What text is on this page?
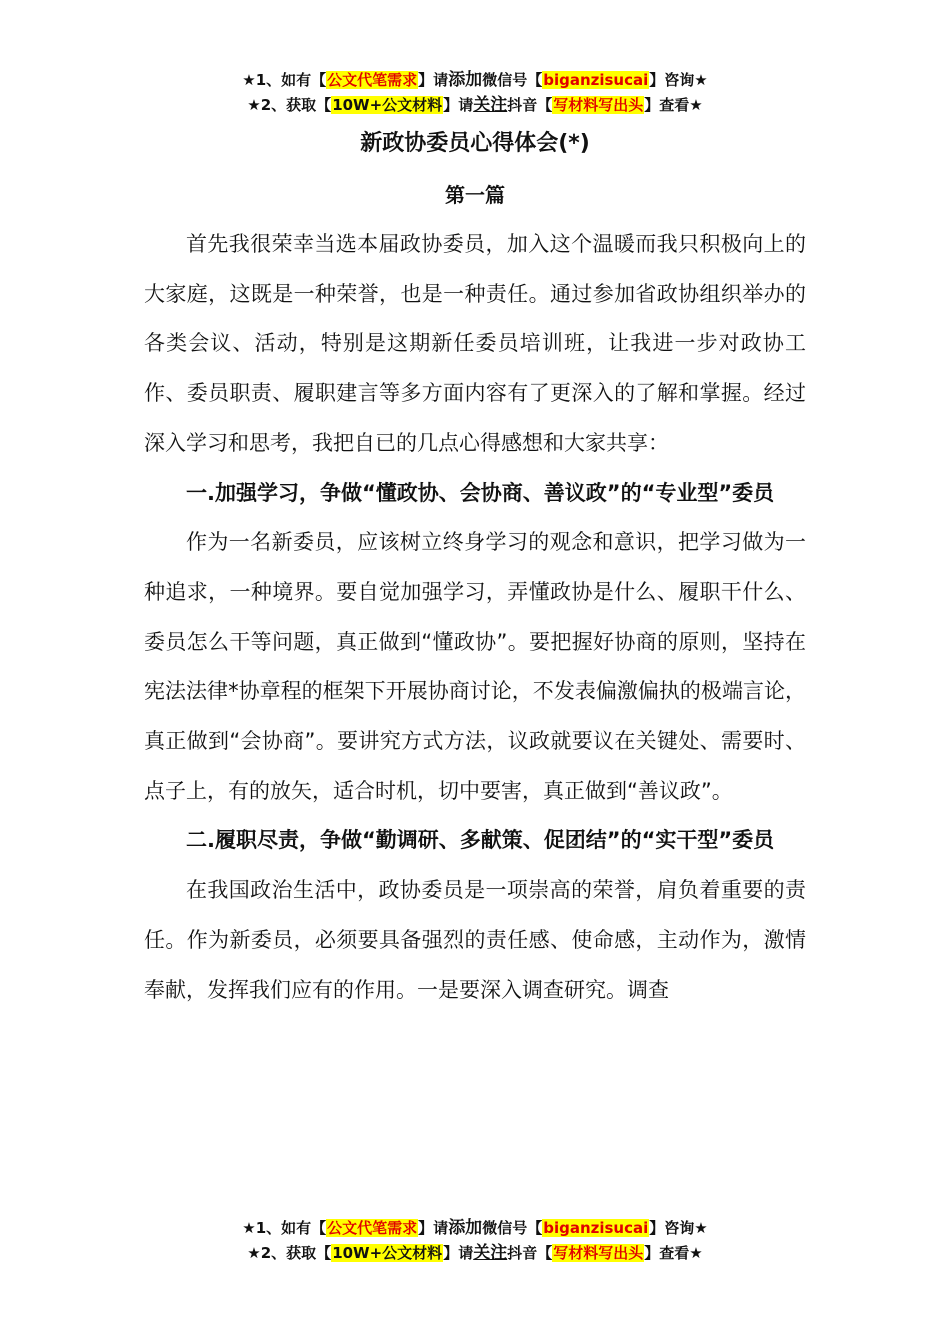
★1、如有【公文代笔需求】请添加微信号【biganzisucai】咨询★
★2、获取【10W+公文材料】请关注抖音【写材料写出头】查看★
新政协委员心得体会(*)
第一篇

首先我很荣幸当选本届政协委员，加入这个温暖而我只积极向上的大家庭，这既是一种荣誉，也是一种责任。通过参加省政协组织举办的各类会议、活动，特别是这期新任委员培训班，让我进一步对政协工作、委员职责、履职建言等多方面内容有了更深入的了解和掌握。经过深入学习和思考，我把自已的几点心得感想和大家共享：

一.加强学习，争做“懂政协、会协商、善议政”的“专业型”委员

作为一名新委员，应该树立终身学习的观念和意识，把学习做为一种追求，一种境界。要自觉加强学习，弄懂政协是什么、履职干什么、委员怎么干等问题，真正做到“懂政协”。要把握好协商的原则，坚持在宪法法律*协章程的框架下开展协商讨论，不发表偏激偏执的极端言论，真正做到“会协商”。要讲究方式方法，议政就要议在关键处、需要时、点子上，有的放矢，适合时机，切中要害，真正做到“善议政”。

二.履职尽责，争做“勤调研、多献策、促团结”的“实干型”委员

在我国政治生活中，政协委员是一项崇高的荣誉，肩负着重要的责任。作为新委员，必须要具备强烈的责任感、使命感，主动作为，激情奉献，发挥我们应有的作用。一是要深入调查研究。调查

★1、如有【公文代笔需求】请添加微信号【biganzisucai】咨询★
★2、获取【10W+公文材料】请关注抖音【写材料写出头】查看★
